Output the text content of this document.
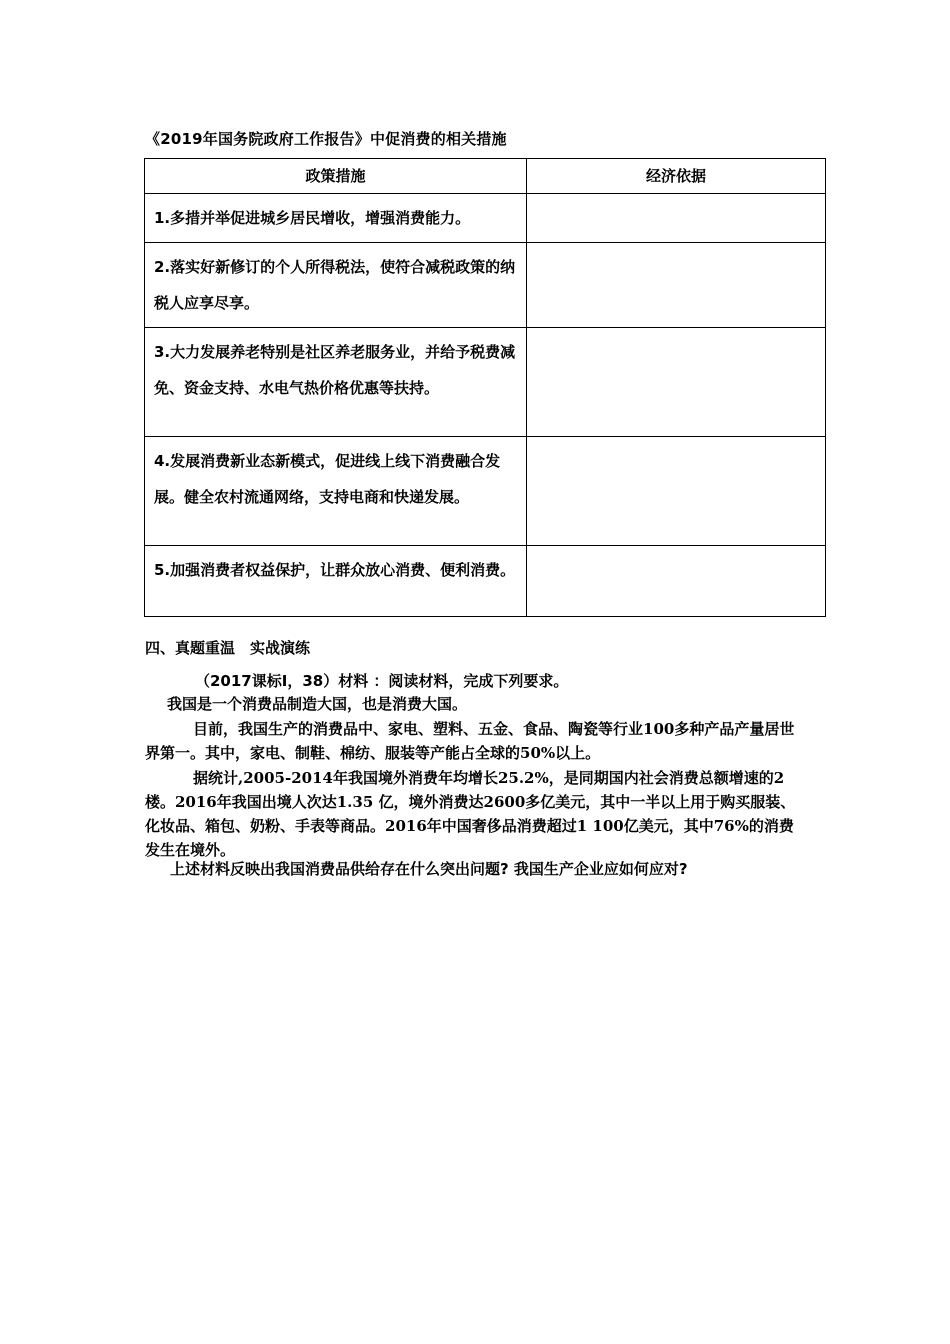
《2019年国务院政府工作报告》中促消费的相关措施
政策措施	经济依据
1.多措并举促进城乡居民增收，增强消费能力。	
2.落实好新修订的个人所得税法，使符合减税政策的纳税人应享尽享。	
3.大力发展养老特别是社区养老服务业，并给予税费减免、资金支持、水电气热价格优惠等扶持。	
4.发展消费新业态新模式，促进线上线下消费融合发展。健全农村流通网络，支持电商和快递发展。	
5.加强消费者权益保护，让群众放心消费、便利消费。	
四、真题重温　实战演练
（2017课标Ⅰ，38）材料 ：阅读材料，完成下列要求。
我国是一个消费品制造大国，也是消费大国。
目前，我国生产的消费品中、家电、塑料、五金、食品、陶瓷等行业100多种产品产量居世界第一。其中，家电、制鞋、棉纺、服装等产能占全球的50%以上。
据统计,2005-2014年我国境外消费年均增长25.2%，是同期国内社会消费总额增速的2楼。2016年我国出境人次达1.35 亿，境外消费达2600多亿美元，其中一半以上用于购买服装、化妆品、箱包、奶粉、手表等商品。2016年中国奢侈品消费超过1 100亿美元，其中76%的消费发生在境外。
上述材料反映出我国消费品供给存在什么突出问题? 我国生产企业应如何应对?
